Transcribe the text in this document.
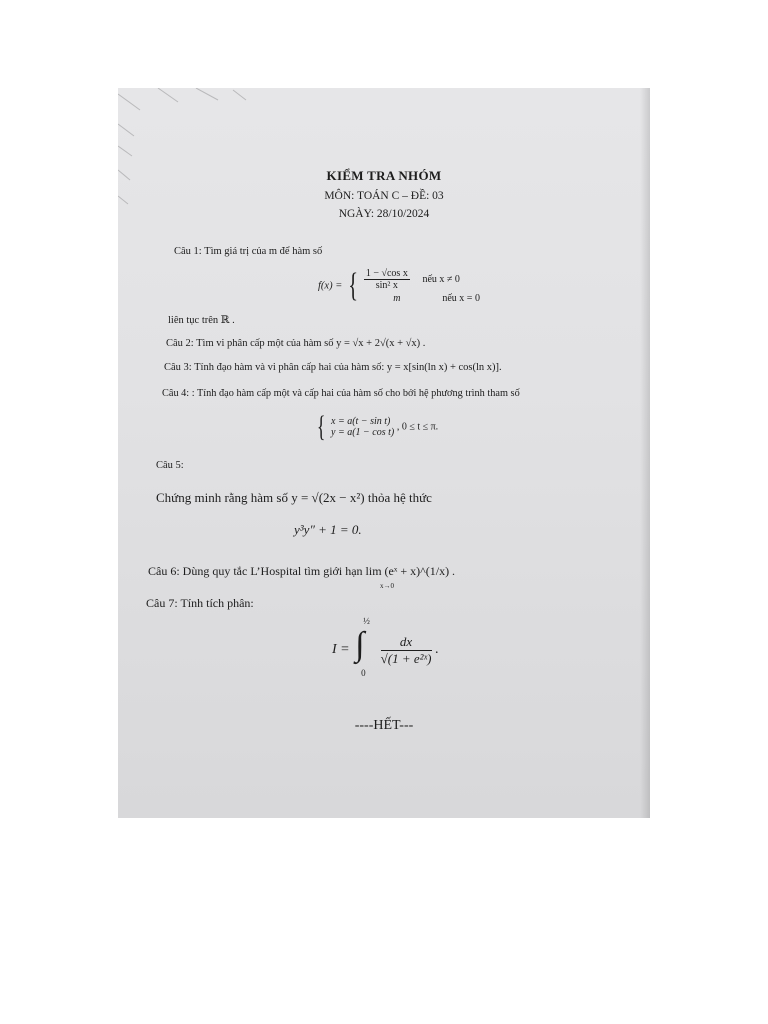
KIỂM TRA NHÓM
MÔN: TOÁN C – ĐỀ: 03
NGÀY: 28/10/2024
Câu 1: Tìm giá trị của m để hàm số
f(x) = { $\frac{\text{1 − √cos x}}{\text{sin² x}}$ nếu x ≠ 0
m	nếu x = 0
liên tục trên ℝ .
Câu 2: Tìm vi phân cấp một của hàm số y = √x + 2√(x + √x) .
Câu 3: Tính đạo hàm và vi phân cấp hai của hàm số: y = x[sin(ln x) + cos(ln x)].
Câu 4: : Tính đạo hàm cấp một và cấp hai của hàm số cho bởi hệ phương trình tham số
{ x = a(t − sin t)
y = a(1 − cos t) , 0 ≤ t ≤ π.
Câu 5:
Chứng minh rằng hàm số y = √(2x − x²) thỏa hệ thức
y³y″ + 1 = 0.
Câu 6: Dùng quy tắc L’Hospital tìm giới hạn lim (eˣ + x)^(1/x) .
x→0
Câu 7: Tính tích phân:
I = ∫
½
0

$\frac{dx}{\text{√(1 + e²ˣ)}}$ .
----HẾT---
